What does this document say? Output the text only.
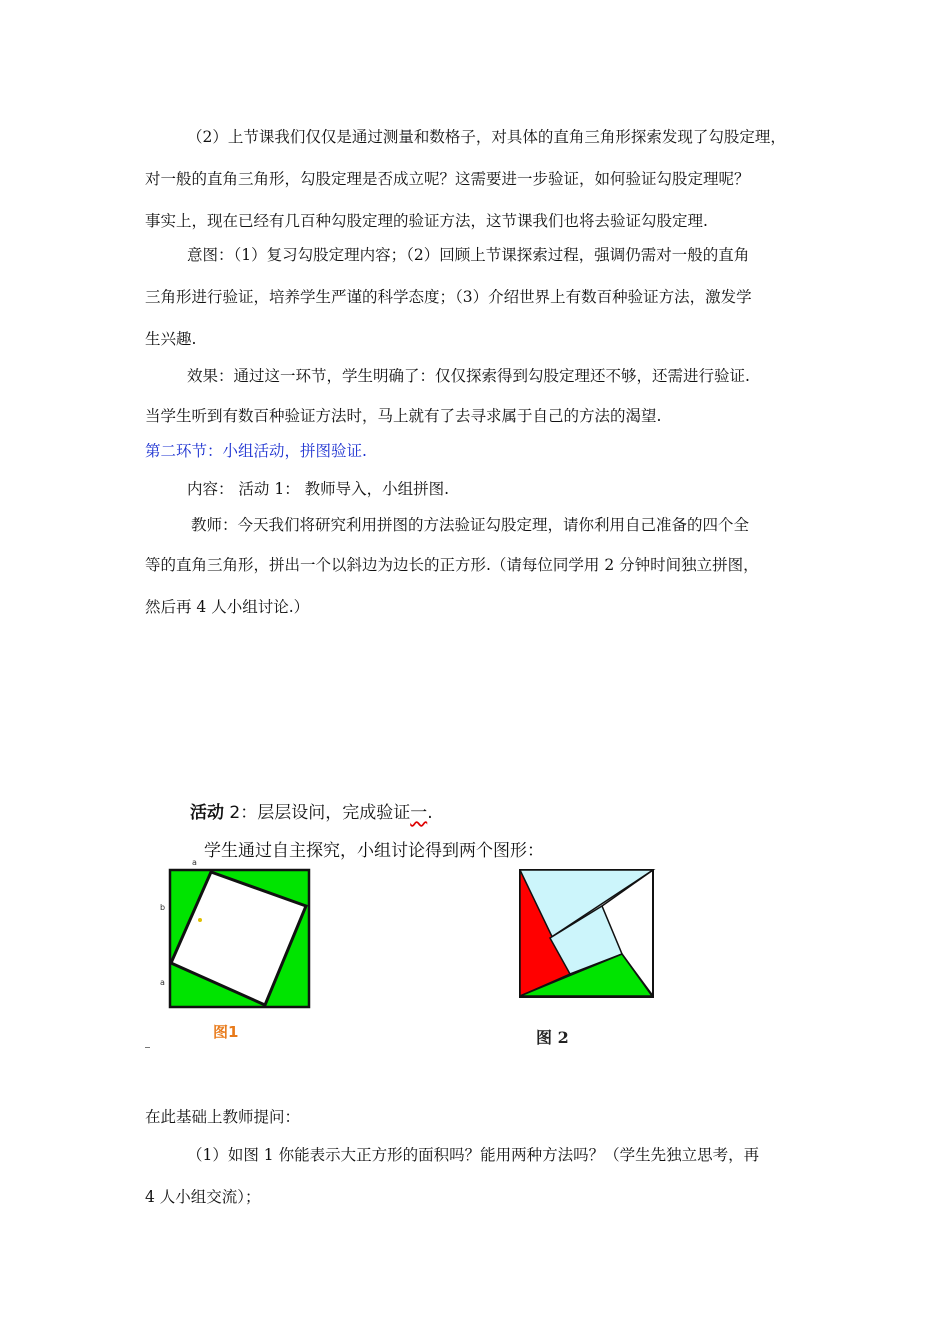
（2）上节课我们仅仅是通过测量和数格子，对具体的直角三角形探索发现了勾股定理，
对一般的直角三角形，勾股定理是否成立呢？这需要进一步验证，如何验证勾股定理呢？
事实上，现在已经有几百种勾股定理的验证方法，这节课我们也将去验证勾股定理.
意图：（1）复习勾股定理内容；（2）回顾上节课探索过程，强调仍需对一般的直角
三角形进行验证，培养学生严谨的科学态度；（3）介绍世界上有数百种验证方法，激发学
生兴趣.
效果：通过这一环节，学生明确了：仅仅探索得到勾股定理还不够，还需进行验证.
当学生听到有数百种验证方法时，马上就有了去寻求属于自己的方法的渴望.
第二环节：小组活动，拼图验证.
内容： 活动 1： 教师导入，小组拼图.
教师：今天我们将研究利用拼图的方法验证勾股定理，请你利用自己准备的四个全
等的直角三角形，拼出一个以斜边为边长的正方形.（请每位同学用 2 分钟时间独立拼图，
然后再 4 人小组讨论.）
活动 2：层层设问，完成验证一.
学生通过自主探究，小组讨论得到两个图形：
a
b
a
图1	图 2
在此基础上教师提问：
（1）如图 1 你能表示大正方形的面积吗？能用两种方法吗？（学生先独立思考，再
4 人小组交流）；
